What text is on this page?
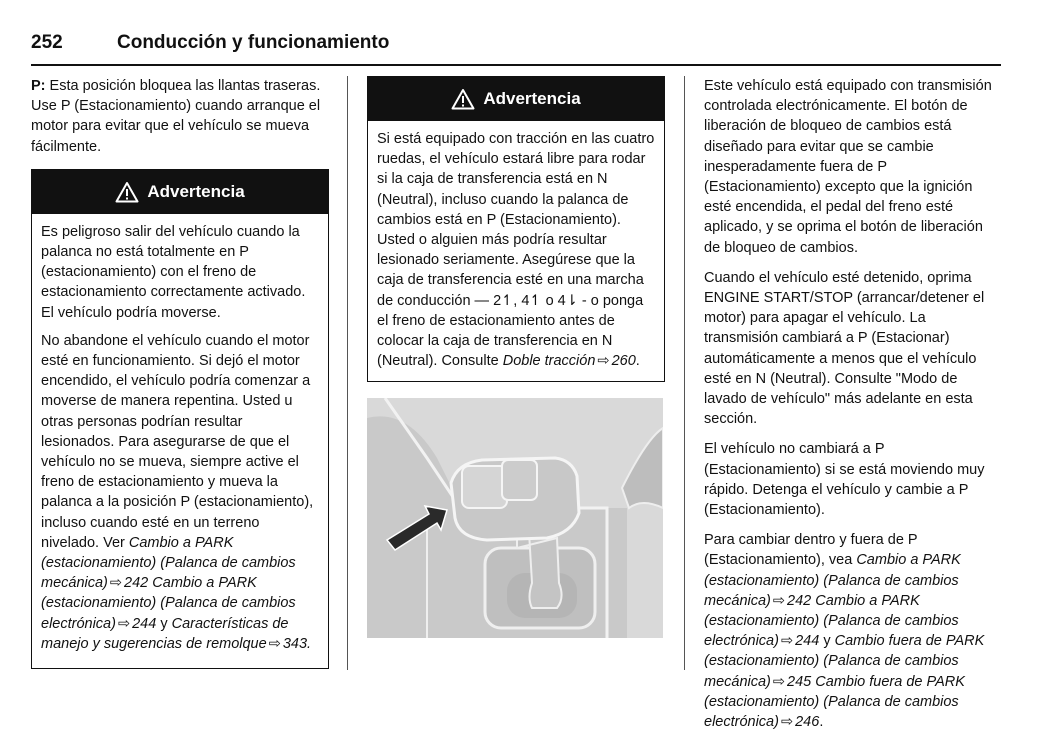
252	Conducción y funcionamiento

P: Esta posición bloquea las llantas traseras. Use P (Estacionamiento) cuando arranque el motor para evitar que el vehículo se mueva fácilmente.

Advertencia

Es peligroso salir del vehículo cuando la palanca no está totalmente en P (estacionamiento) con el freno de estacionamiento correctamente activado. El vehículo podría moverse.

No abandone el vehículo cuando el motor esté en funcionamiento. Si dejó el motor encendido, el vehículo podría comenzar a moverse de manera repentina. Usted u otras personas podrían resultar lesionados. Para asegurarse de que el vehículo no se mueva, siempre active el freno de estacionamiento y mueva la palanca a la posición P (estacionamiento), incluso cuando esté en un terreno nivelado. Ver Cambio a PARK (estacionamiento) (Palanca de cambios mecánica) ⇨ 242 Cambio a PARK (estacionamiento) (Palanca de cambios electrónica) ⇨ 244 y Características de manejo y sugerencias de remolque ⇨ 343.

Advertencia

Si está equipado con tracción en las cuatro ruedas, el vehículo estará libre para rodar si la caja de transferencia está en N (Neutral), incluso cuando la palanca de cambios está en P (Estacionamiento). Usted o alguien más podría resultar lesionado seriamente. Asegúrese que la caja de transferencia esté en una marcha de conducción — 2↿, 4↿ o 4⇂ - o ponga el freno de estacionamiento antes de colocar la caja de transferencia en N (Neutral). Consulte Doble tracción ⇨ 260.

Este vehículo está equipado con transmisión controlada electrónicamente. El botón de liberación de bloqueo de cambios está diseñado para evitar que se cambie inesperadamente fuera de P (Estacionamiento) excepto que la ignición esté encendida, el pedal del freno esté aplicado, y se oprima el botón de liberación de bloqueo de cambios.

Cuando el vehículo esté detenido, oprima ENGINE START/STOP (arrancar/detener el motor) para apagar el vehículo. La transmisión cambiará a P (Estacionar) automáticamente a menos que el vehículo esté en N (Neutral). Consulte "Modo de lavado de vehículo" más adelante en esta sección.

El vehículo no cambiará a P (Estacionamiento) si se está moviendo muy rápido. Detenga el vehículo y cambie a P (Estacionamiento).

Para cambiar dentro y fuera de P (Estacionamiento), vea Cambio a PARK (estacionamiento) (Palanca de cambios mecánica) ⇨ 242 Cambio a PARK (estacionamiento) (Palanca de cambios electrónica) ⇨ 244 y Cambio fuera de PARK (estacionamiento) (Palanca de cambios mecánica) ⇨ 245 Cambio fuera de PARK (estacionamiento) (Palanca de cambios electrónica) ⇨ 246.
